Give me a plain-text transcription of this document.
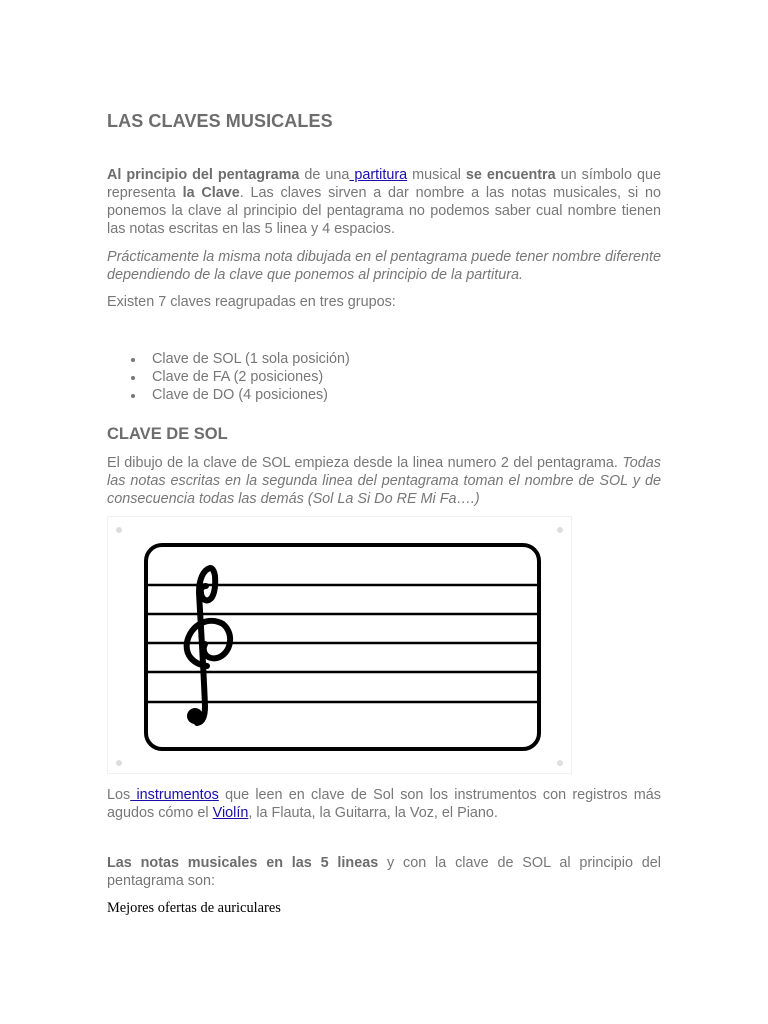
LAS CLAVES MUSICALES

Al principio del pentagrama de una partitura musical se encuentra un símbolo que representa la Clave. Las claves sirven a dar nombre a las notas musicales, si no ponemos la clave al principio del pentagrama no podemos saber cual nombre tienen las notas escritas en las 5 linea y 4 espacios.

Prácticamente la misma nota dibujada en el pentagrama puede tener nombre diferente dependiendo de la clave que ponemos al principio de la partitura.

Existen 7 claves reagrupadas en tres grupos:

Clave de SOL (1 sola posición)
Clave de FA (2 posiciones)
Clave de DO (4 posiciones)
CLAVE DE SOL

El dibujo de la clave de SOL empieza desde la linea numero 2 del pentagrama. Todas las notas escritas en la segunda linea del pentagrama toman el nombre de SOL y de consecuencia todas las demás (Sol La Si Do RE Mi Fa….)

Los instrumentos que leen en clave de Sol son los instrumentos con registros más agudos cómo el Violín, la Flauta, la Guitarra, la Voz, el Piano.

Las notas musicales en las 5 lineas y con la clave de SOL al principio del pentagrama son:

Mejores ofertas de auriculares
